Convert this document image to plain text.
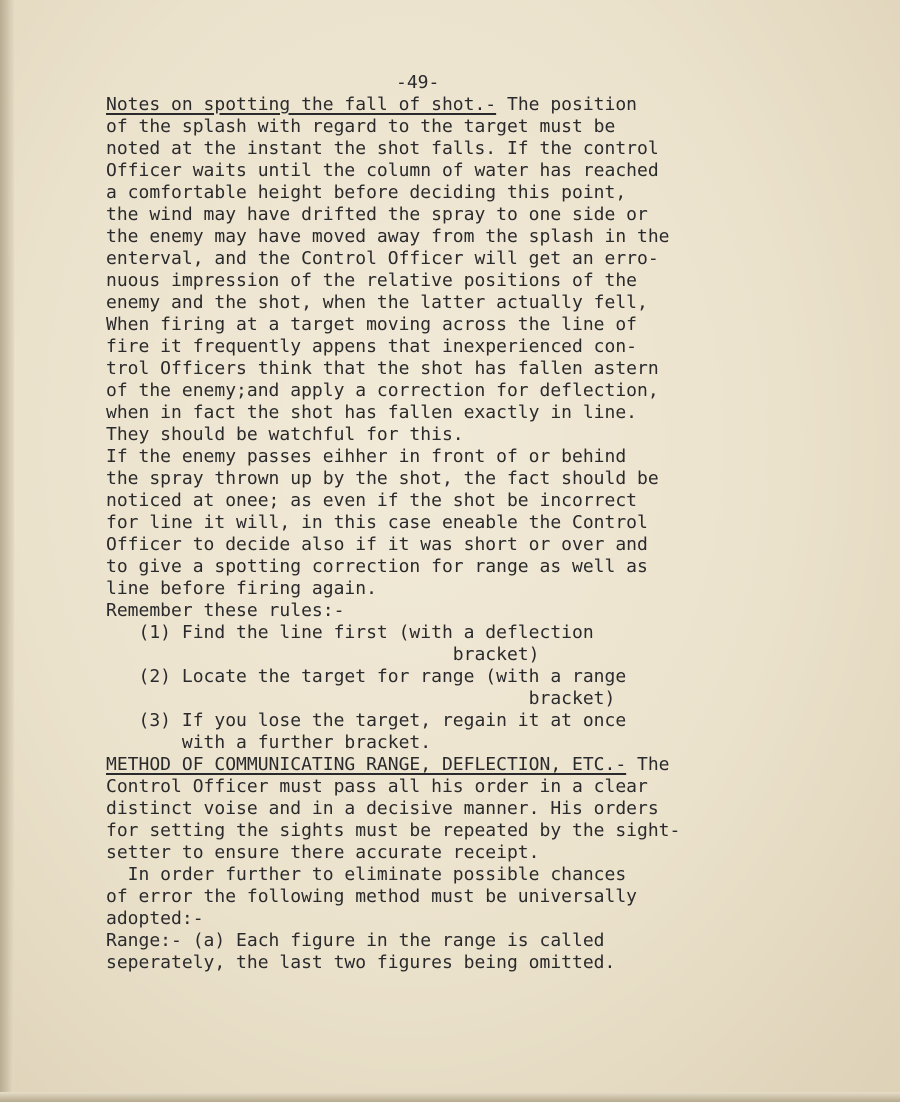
-49-
Notes on spotting the fall of shot.- The position
of the splash with regard to the target must be
noted at the instant the shot falls. If the control
Officer waits until the column of water has reached
a comfortable height before deciding this point,
the wind may have drifted the spray to one side or
the enemy may have moved away from the splash in the
enterval, and the Control Officer will get an erro-
nuous impression of the relative positions of the
enemy and the shot, when the latter actually fell,
When firing at a target moving across the line of
fire it frequently appens that inexperienced con-
trol Officers think that the shot has fallen astern
of the enemy;and apply a correction for deflection,
when in fact the shot has fallen exactly in line.
They should be watchful for this.
If the enemy passes eihher in front of or behind
the spray thrown up by the shot, the fact should be
noticed at onee; as even if the shot be incorrect
for line it will, in this case eneable the Control
Officer to decide also if it was short or over and
to give a spotting correction for range as well as
line before firing again.
Remember these rules:-
(1) Find the line first (with a deflection
bracket)
(2) Locate the target for range (with a range
bracket)
(3) If you lose the target, regain it at once
with a further bracket.
METHOD OF COMMUNICATING RANGE, DEFLECTION, ETC.- The
Control Officer must pass all his order in a clear
distinct voise and in a decisive manner. His orders
for setting the sights must be repeated by the sight-
setter to ensure there accurate receipt.
In order further to eliminate possible chances
of error the following method must be universally
adopted:-
Range:- (a) Each figure in the range is called
seperately, the last two figures being omitted.
